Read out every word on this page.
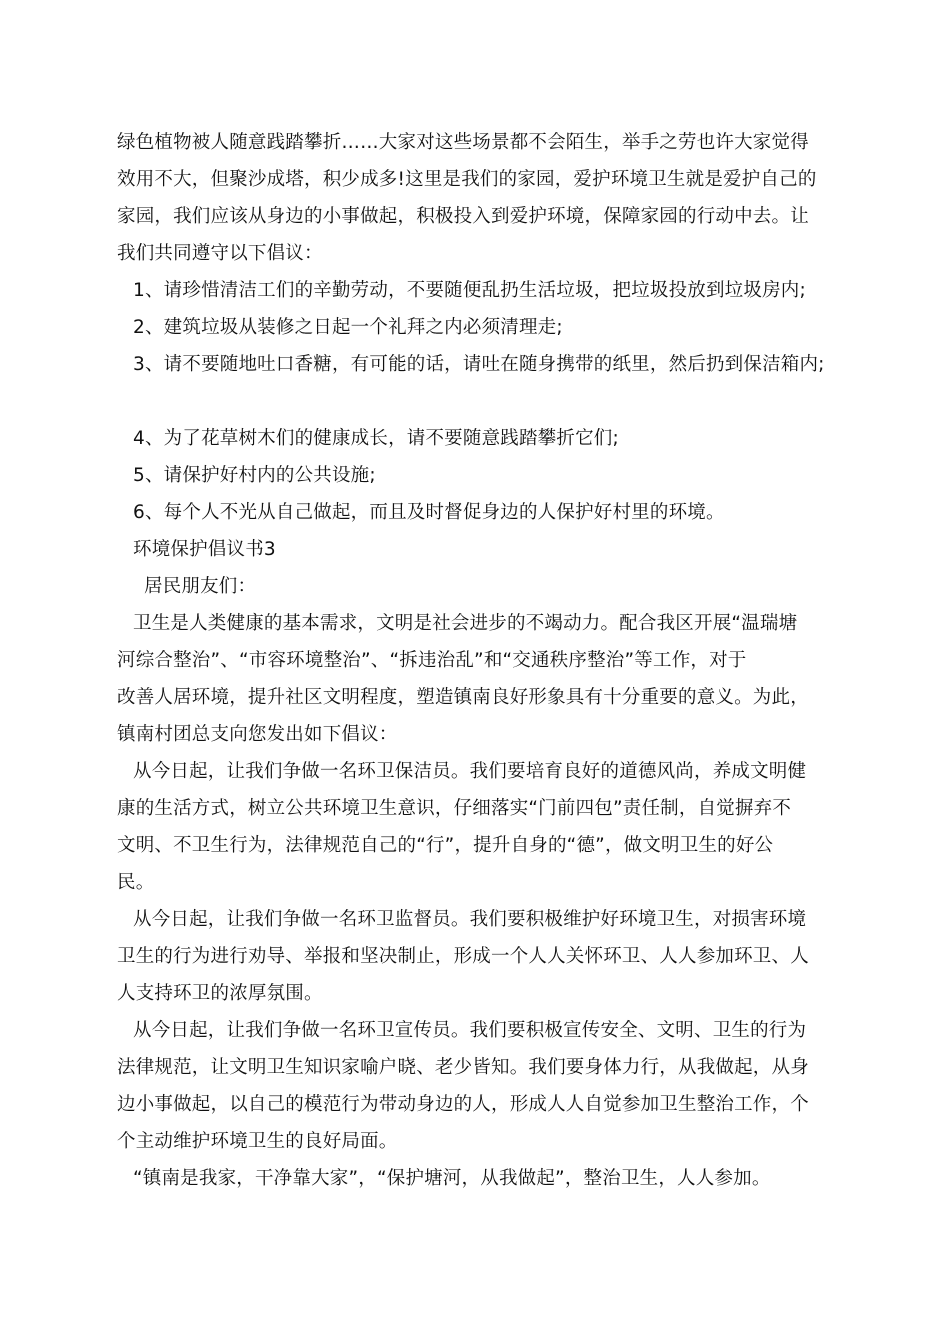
绿色植物被人随意践踏攀折……大家对这些场景都不会陌生，举手之劳也许大家觉得
效用不大，但聚沙成塔，积少成多!这里是我们的家园，爱护环境卫生就是爱护自己的
家园，我们应该从身边的小事做起，积极投入到爱护环境，保障家园的行动中去。让
我们共同遵守以下倡议：
1、请珍惜清洁工们的辛勤劳动，不要随便乱扔生活垃圾，把垃圾投放到垃圾房内;
2、建筑垃圾从装修之日起一个礼拜之内必须清理走;
3、请不要随地吐口香糖，有可能的话，请吐在随身携带的纸里，然后扔到保洁箱内;
4、为了花草树木们的健康成长，请不要随意践踏攀折它们;
5、请保护好村内的公共设施;
6、每个人不光从自己做起，而且及时督促身边的人保护好村里的环境。
环境保护倡议书3
居民朋友们：
卫生是人类健康的基本需求，文明是社会进步的不竭动力。配合我区开展“温瑞塘
河综合整治”、“市容环境整治”、“拆违治乱”和“交通秩序整治”等工作，对于
改善人居环境，提升社区文明程度，塑造镇南良好形象具有十分重要的意义。为此，
镇南村团总支向您发出如下倡议：
从今日起，让我们争做一名环卫保洁员。我们要培育良好的道德风尚，养成文明健
康的生活方式，树立公共环境卫生意识，仔细落实“门前四包”责任制，自觉摒弃不
文明、不卫生行为，法律规范自己的“行”，提升自身的“德”，做文明卫生的好公
民。
从今日起，让我们争做一名环卫监督员。我们要积极维护好环境卫生，对损害环境
卫生的行为进行劝导、举报和坚决制止，形成一个人人关怀环卫、人人参加环卫、人
人支持环卫的浓厚氛围。
从今日起，让我们争做一名环卫宣传员。我们要积极宣传安全、文明、卫生的行为
法律规范，让文明卫生知识家喻户晓、老少皆知。我们要身体力行，从我做起，从身
边小事做起，以自己的模范行为带动身边的人，形成人人自觉参加卫生整治工作，个
个主动维护环境卫生的良好局面。
“镇南是我家，干净靠大家”，“保护塘河，从我做起”，整治卫生，人人参加。
